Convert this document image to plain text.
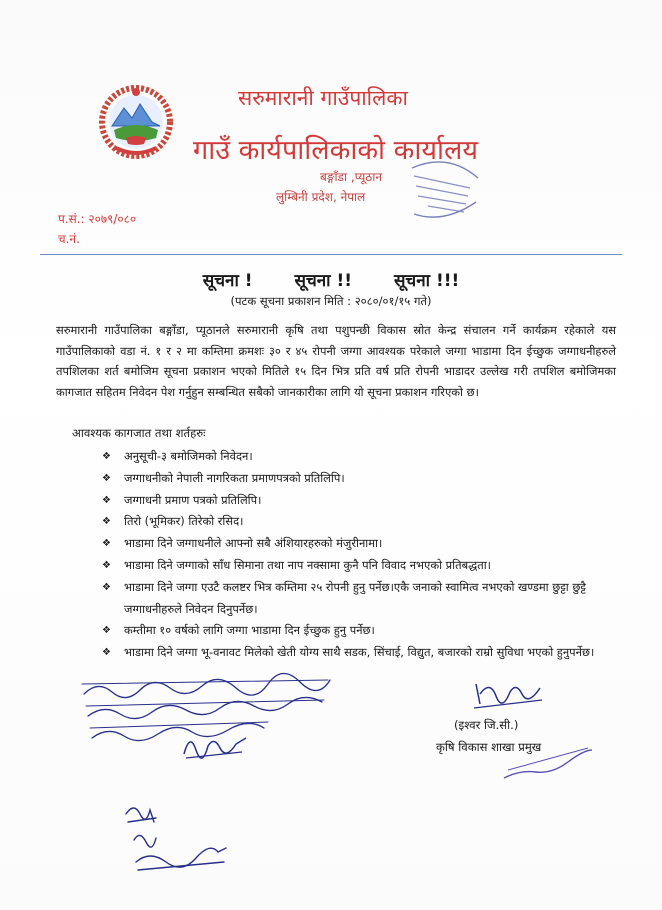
सरुमारानी गाउँपालिका
गाउँ कार्यपालिकाको कार्यालय
बङ्गाँडा ,प्यूठान
लुम्बिनी प्रदेश, नेपाल
प.सं.: २०७९/०८०
च.नं.
सूचना ! सूचना !! सूचना !!!
(पटक सूचना प्रकाशन मिति : २०८०/०१/१५ गते)
सरुमारानी गाउँपालिका बङ्गाँडा, प्यूठानले सरुमारानी कृषि तथा पशुपन्छी विकास स्रोत केन्द्र संचालन गर्ने कार्यक्रम रहेकाले यस गाउँपालिकाको वडा नं. १ र २ मा कम्तिमा क्रमशः ३० र ४५ रोपनी जग्गा आवश्यक परेकाले जग्गा भाडामा दिन ईच्छुक जग्गाधनीहरुले तपशिलका शर्त बमोजिम सूचना प्रकाशन भएको मितिले १५ दिन भित्र प्रति वर्ष प्रति रोपनी भाडादर उल्लेख गरी तपशिल बमोजिमका कागजात सहितम निवेदन पेश गर्नुहुन सम्बन्धित सबैको जानकारीका लागि यो सूचना प्रकाशन गरिएको छ।
आवश्यक कागजात तथा शर्तहरुः
❖ अनुसूची-३ बमोजिमको निवेदन।
❖ जग्गाधनीको नेपाली नागरिकता प्रमाणपत्रको प्रतिलिपि।
❖ जग्गाधनी प्रमाण पत्रको प्रतिलिपि।
❖ तिरो (भूमिकर) तिरेको रसिद।
❖ भाडामा दिने जग्गाधनीले आफ्नो सबै अंशियारहरुको मंजुरीनामा।
❖ भाडामा दिने जग्गाको साँध सिमाना तथा नाप नक्सामा कुनै पनि विवाद नभएको प्रतिबद्धता।
❖ भाडामा दिने जग्गा एउटै कलष्टर भित्र कम्तिमा २५ रोपनी हुनु पर्नेछ।एकै जनाको स्वामित्व नभएको खण्डमा छुट्टा छुट्टै जग्गाधनीहरुले निवेदन दिनुपर्नेछ।
❖ कम्तीमा १० वर्षको लागि जग्गा भाडामा दिन ईच्छुक हुनु पर्नेछ।
❖ भाडामा दिने जग्गा भू-वनावट मिलेको खेती योग्य साथै सडक, सिंचाई, विद्युत, बजारको राम्रो सुविधा भएको हुनुपर्नेछ।
(इश्वर जि.सी.)
कृषि विकास शाखा प्रमुख
